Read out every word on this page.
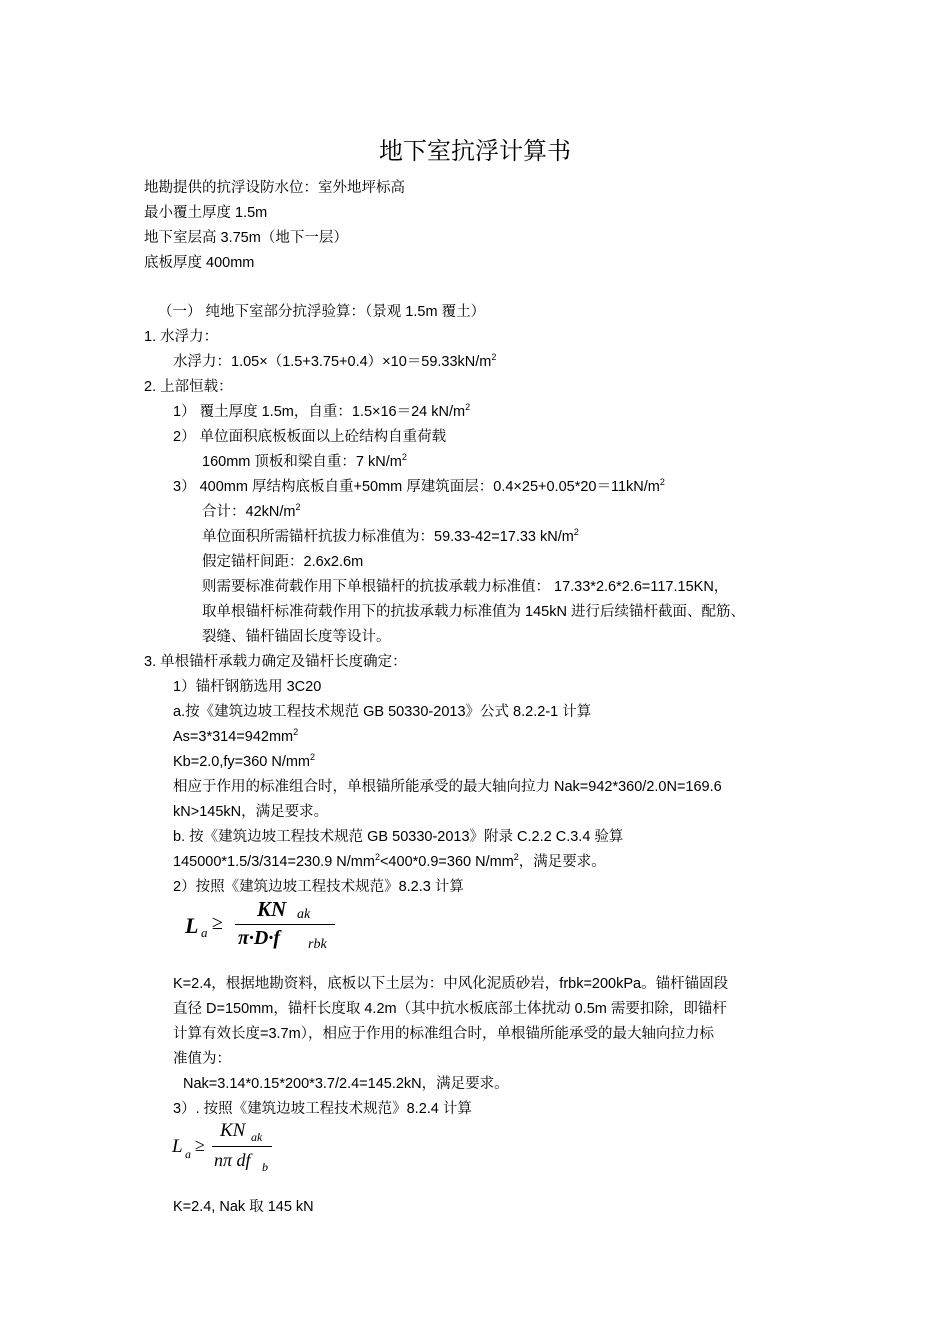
地下室抗浮计算书
地勘提供的抗浮设防水位：室外地坪标高
最小覆土厚度 1.5m
地下室层高 3.75m（地下一层）
底板厚度 400mm
（一） 纯地下室部分抗浮验算：（景观 1.5m 覆土）
1. 水浮力：
水浮力：$1.05\times(1.5+3.75+0.4)\times 10=59.33kN/m^2$
2. 上部恒载：
1） 覆土厚度 1.5m，自重：1.5×16＝24 $kN/m^2$
2） 单位面积底板板面以上砼结构自重荷载
160mm 顶板和梁自重：7 $kN/m^2$
3） 400mm 厚结构底板自重+50mm 厚建筑面层：$0.4\times 25+0.05*20=11kN/m^2$
合计：$42kN/m^2$
单位面积所需锚杆抗拔力标准值为：59.33-42=17.33 $kN/m^2$
假定锚杆间距：2.6x2.6m
则需要标准荷载作用下单根锚杆的抗拔承载力标准值： 17.33*2.6*2.6=117.15KN，
取单根锚杆标准荷载作用下的抗拔承载力标准值为 145kN 进行后续锚杆截面、配筋、
裂缝、锚杆锚固长度等设计。
3. 单根锚杆承载力确定及锚杆长度确定：
1）锚杆钢筋选用 3C20
a.按《建筑边坡工程技术规范 GB 50330-2013》公式 8.2.2-1 计算
$As=3*314=942mm^2$
Kb=2.0,fy=360 $N/mm^2$
相应于作用的标准组合时，单根锚所能承受的最大轴向拉力 Nak=942*360/2.0N=169.6
kN>145kN，满足要求。
b. 按《建筑边坡工程技术规范 GB 50330-2013》附录 C.2.2 C.3.4 验算
145000*1.5/3/314=230.9 $N/mm^2<400*0.9=360$ $N/mm^2$，满足要求。
2）按照《建筑边坡工程技术规范》8.2.3 计算
L a ≥
KN ak
π·D·f rbk
K=2.4，根据地勘资料，底板以下土层为：中风化泥质砂岩，frbk=200kPa。锚杆锚固段
直径 D=150mm，锚杆长度取 4.2m（其中抗水板底部土体扰动 0.5m 需要扣除，即锚杆
计算有效长度=3.7m），相应于作用的标准组合时，单根锚所能承受的最大轴向拉力标
准值为：
Nak=3.14*0.15*200*3.7/2.4=145.2kN，满足要求。
3）. 按照《建筑边坡工程技术规范》8.2.4 计算
L a ≥
KN ak
nπ df b
K=2.4, Nak 取 145 kN
